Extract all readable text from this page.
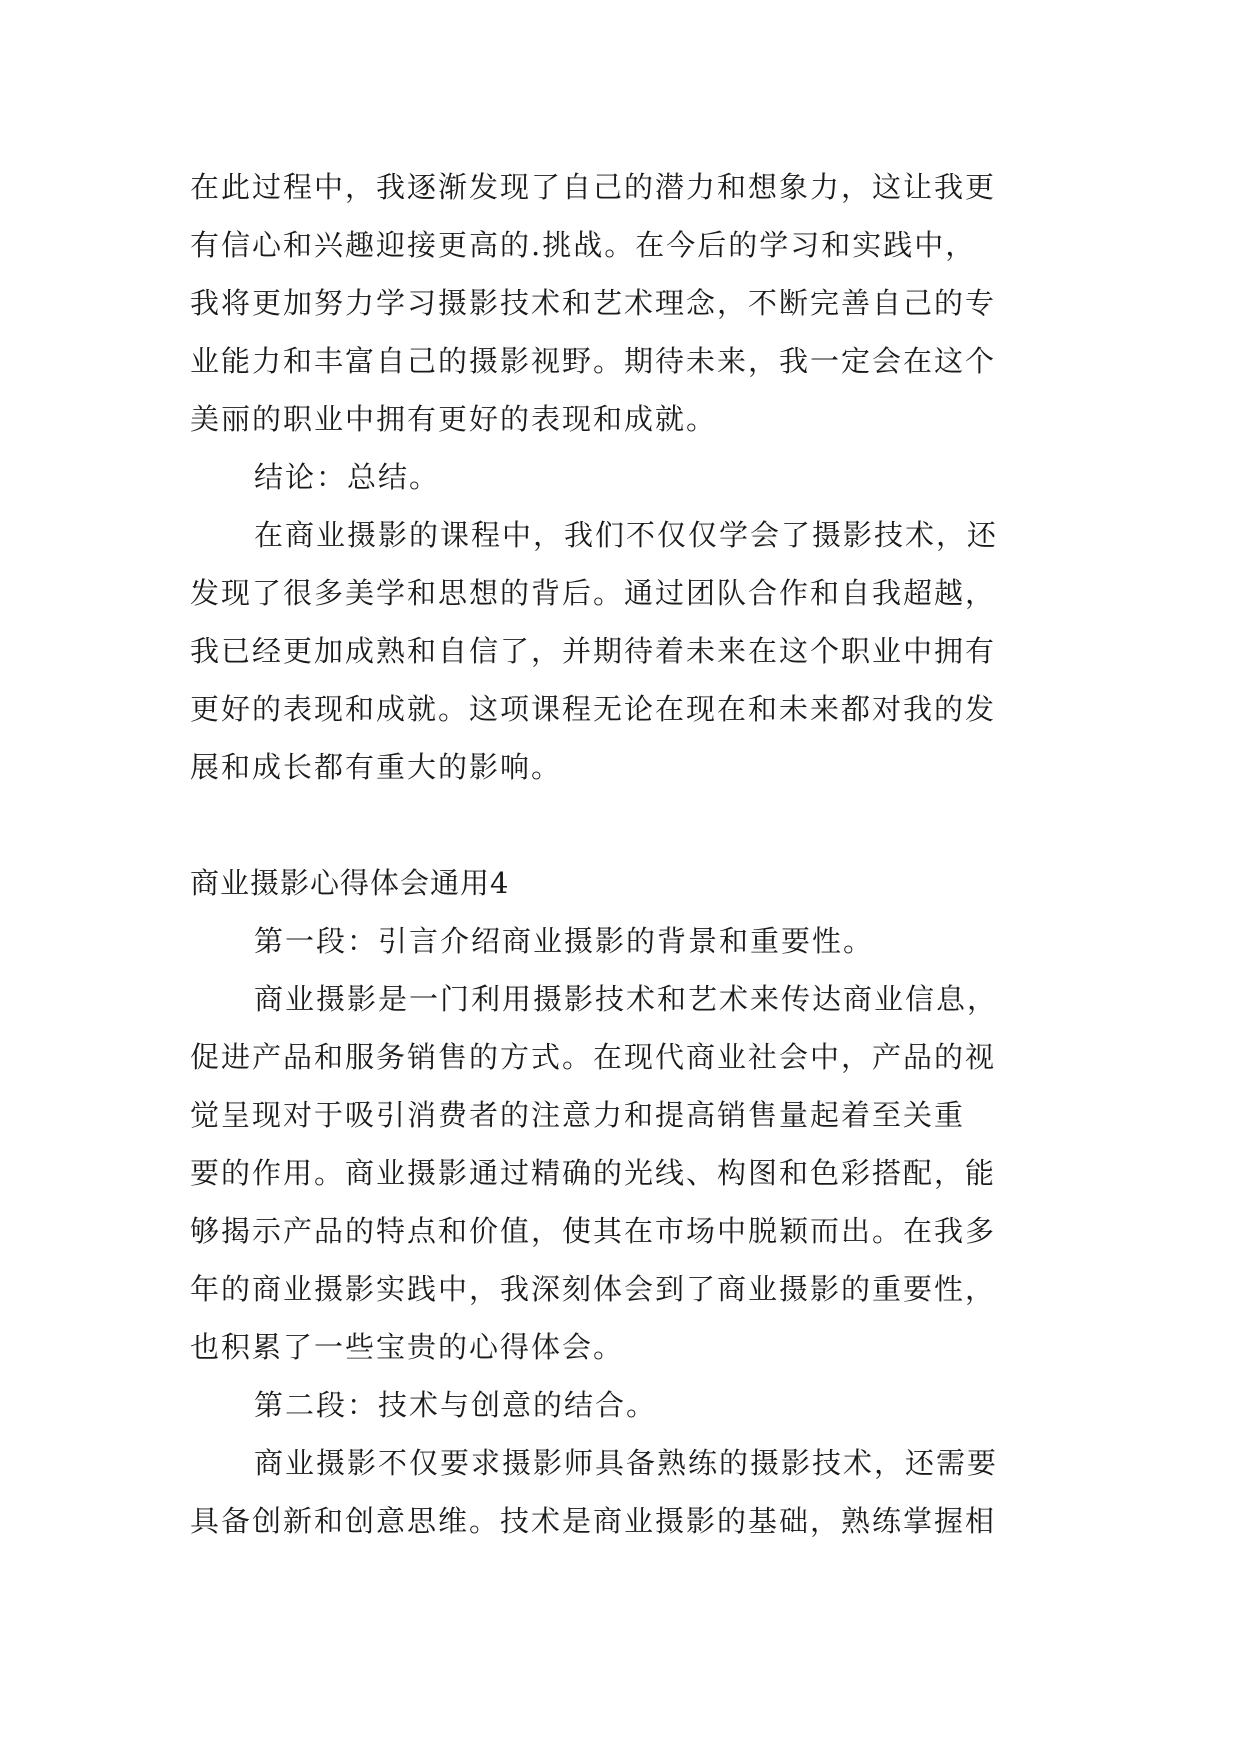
在此过程中，我逐渐发现了自己的潜力和想象力，这让我更
有信心和兴趣迎接更高的.挑战。在今后的学习和实践中，
我将更加努力学习摄影技术和艺术理念，不断完善自己的专
业能力和丰富自己的摄影视野。期待未来，我一定会在这个
美丽的职业中拥有更好的表现和成就。
结论：总结。
在商业摄影的课程中，我们不仅仅学会了摄影技术，还
发现了很多美学和思想的背后。通过团队合作和自我超越，
我已经更加成熟和自信了，并期待着未来在这个职业中拥有
更好的表现和成就。这项课程无论在现在和未来都对我的发
展和成长都有重大的影响。
商业摄影心得体会通用4
第一段：引言介绍商业摄影的背景和重要性。
商业摄影是一门利用摄影技术和艺术来传达商业信息，
促进产品和服务销售的方式。在现代商业社会中，产品的视
觉呈现对于吸引消费者的注意力和提高销售量起着至关重
要的作用。商业摄影通过精确的光线、构图和色彩搭配，能
够揭示产品的特点和价值，使其在市场中脱颖而出。在我多
年的商业摄影实践中，我深刻体会到了商业摄影的重要性，
也积累了一些宝贵的心得体会。
第二段：技术与创意的结合。
商业摄影不仅要求摄影师具备熟练的摄影技术，还需要
具备创新和创意思维。技术是商业摄影的基础，熟练掌握相
